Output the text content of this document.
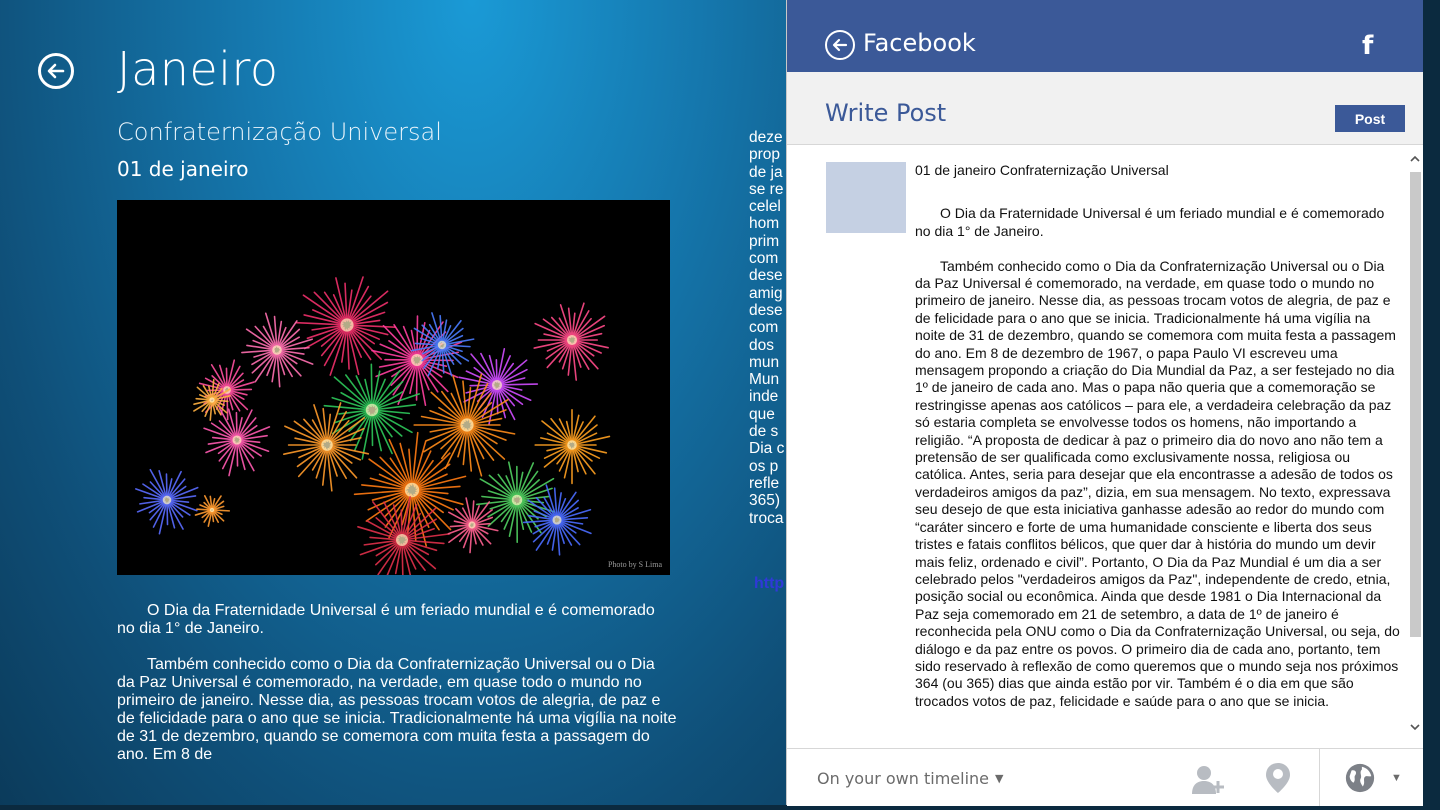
Janeiro
Confraternização Universal
01 de janeiro
Photo by S Lima

O Dia da Fraternidade Universal é um feriado mundial e é comemorado no dia 1° de Janeiro.

Também conhecido como o Dia da Confraternização Universal ou o Dia da Paz Universal é comemorado, na verdade, em quase todo o mundo no primeiro de janeiro. Nesse dia, as pessoas trocam votos de alegria, de paz e de felicidade para o ano que se inicia. Tradicionalmente há uma vigília na noite de 31 de dezembro, quando se comemora com muita festa a passagem do ano. Em 8 de

deze
prop
de ja
se re
celel
hom
prim
com
dese
amig
dese
com
dos
mun
Mun
inde
que
de s
Dia c
os p
refle
365)
troca
http
Facebook	f
Write Post	Post
01 de janeiro Confraternização Universal

O Dia da Fraternidade Universal é um feriado mundial e é comemorado no dia 1° de Janeiro.

Também conhecido como o Dia da Confraternização Universal ou o Dia da Paz Universal é comemorado, na verdade, em quase todo o mundo no primeiro de janeiro. Nesse dia, as pessoas trocam votos de alegria, de paz e de felicidade para o ano que se inicia. Tradicionalmente há uma vigília na noite de 31 de dezembro, quando se comemora com muita festa a passagem do ano. Em 8 de dezembro de 1967, o papa Paulo VI escreveu uma mensagem propondo a criação do Dia Mundial da Paz, a ser festejado no dia 1º de janeiro de cada ano. Mas o papa não queria que a comemoração se restringisse apenas aos católicos – para ele, a verdadeira celebração da paz só estaria completa se envolvesse todos os homens, não importando a religião. “A proposta de dedicar à paz o primeiro dia do novo ano não tem a pretensão de ser qualificada como exclusivamente nossa, religiosa ou católica. Antes, seria para desejar que ela encontrasse a adesão de todos os verdadeiros amigos da paz”, dizia, em sua mensagem. No texto, expressava seu desejo de que esta iniciativa ganhasse adesão ao redor do mundo com “caráter sincero e forte de uma humanidade consciente e liberta dos seus tristes e fatais conflitos bélicos, que quer dar à história do mundo um devir mais feliz, ordenado e civil”. Portanto, O Dia da Paz Mundial é um dia a ser celebrado pelos "verdadeiros amigos da Paz", independente de credo, etnia, posição social ou econômica. Ainda que desde 1981 o Dia Internacional da Paz seja comemorado em 21 de setembro, a data de 1º de janeiro é reconhecida pela ONU como o Dia da Confraternização Universal, ou seja, do diálogo e da paz entre os povos. O primeiro dia de cada ano, portanto, tem sido reservado à reflexão de como queremos que o mundo seja nos próximos 364 (ou 365) dias que ainda estão por vir. Também é o dia em que são trocados votos de paz, felicidade e saúde para o ano que se inicia.

On your own timeline ▼	▼
